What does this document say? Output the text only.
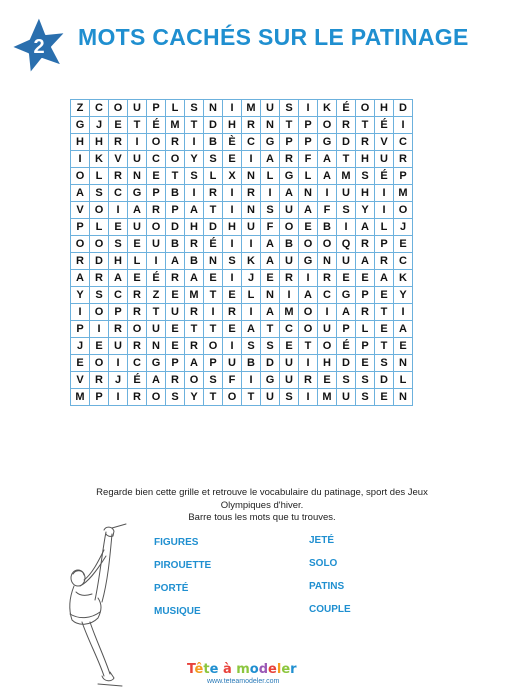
2	MOTS CACHÉS SUR LE PATINAGE
Z	C	O	U	P	L	S	N	I	M	U	S	I	K	É	O	H	D
G	J	E	T	É	M	T	D	H	R	N	T	P	O	R	T	É	I
H	H	R	I	O	R	I	B	È	C	G	P	P	G	D	R	V	C
I	K	V	U	C	O	Y	S	E	I	A	R	F	A	T	H	U	R
O	L	R	N	E	T	S	L	X	N	L	G	L	A	M	S	É	P
A	S	C	G	P	B	I	R	I	R	I	A	N	I	U	H	I	M
V	O	I	A	R	P	A	T	I	N	S	U	A	F	S	Y	I	O
P	L	E	U	O	D	H	D	H	U	F	O	E	B	I	A	L	J
O	O	S	E	U	B	R	É	I	I	A	B	O	O	Q	R	P	E
R	D	H	L	I	A	B	N	S	K	A	U	G	N	U	A	R	C
A	R	A	E	É	R	A	E	I	J	E	R	I	R	E	E	A	K
Y	S	C	R	Z	E	M	T	E	L	N	I	A	C	G	P	E	Y
I	O	P	R	T	U	R	I	R	I	A	M	O	I	A	R	T	I
P	I	R	O	U	E	T	T	E	A	T	C	O	U	P	L	E	A
J	E	U	R	N	E	R	O	I	S	S	E	T	O	É	P	T	E
E	O	I	C	G	P	A	P	U	B	D	U	I	H	D	E	S	N
V	R	J	É	A	R	O	S	F	I	G	U	R	E	S	S	D	L
M	P	I	R	O	S	Y	T	O	T	U	S	I	M	U	S	E	N
Regarde bien cette grille et retrouve le vocabulaire du patinage, sport des Jeux Olympiques d'hiver.
Barre tous les mots que tu trouves.
FIGURES
PIROUETTE
PORTÉ
MUSIQUE
JETÉ
SOLO
PATINS
COUPLE
Tête à modeler
www.teteamodeler.com
